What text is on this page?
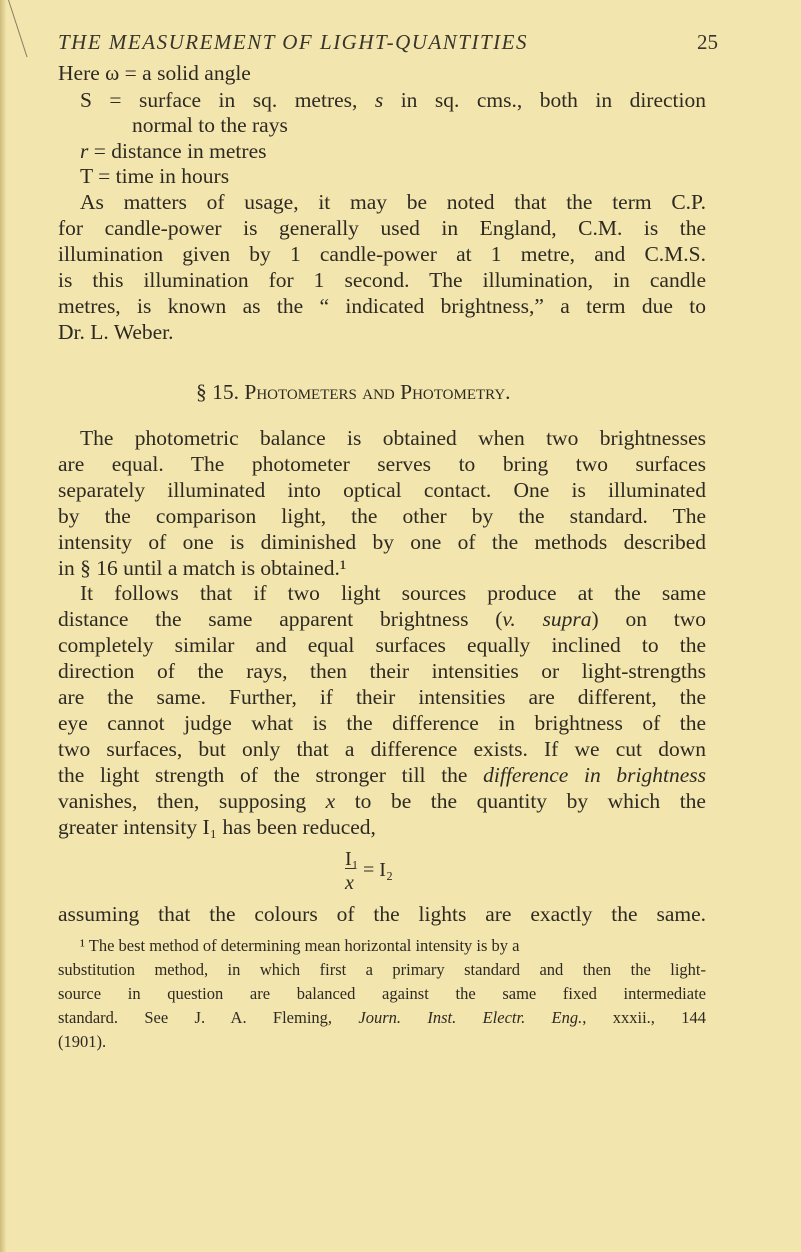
THE MEASUREMENT OF LIGHT-QUANTITIES	25
Here ω = a solid angle
S = surface in sq. metres, s in sq. cms., both in direction
normal to the rays
r = distance in metres
T = time in hours
As matters of usage, it may be noted that the term C.P.
for candle-power is generally used in England, C.M. is the
illumination given by 1 candle-power at 1 metre, and C.M.S.
is this illumination for 1 second. The illumination, in candle
metres, is known as the “ indicated brightness,” a term due to
Dr. L. Weber.
§ 15. Photometers and Photometry.
The photometric balance is obtained when two brightnesses
are equal. The photometer serves to bring two surfaces
separately illuminated into optical contact. One is illuminated
by the comparison light, the other by the standard. The
intensity of one is diminished by one of the methods described
in § 16 until a match is obtained.¹
It follows that if two light sources produce at the same
distance the same apparent brightness (v. supra) on two
completely similar and equal surfaces equally inclined to the
direction of the rays, then their intensities or light-strengths
are the same. Further, if their intensities are different, the
eye cannot judge what is the difference in brightness of the
two surfaces, but only that a difference exists. If we cut down
the light strength of the stronger till the difference in brightness
vanishes, then, supposing x to be the quantity by which the
greater intensity I₁ has been reduced,
assuming that the colours of the lights are exactly the same.
I₁
x
= I₂
¹ The best method of determining mean horizontal intensity is by a
substitution method, in which first a primary standard and then the light-
source in question are balanced against the same fixed intermediate
standard. See J. A. Fleming, Journ. Inst. Electr. Eng., xxxii., 144
(1901).
